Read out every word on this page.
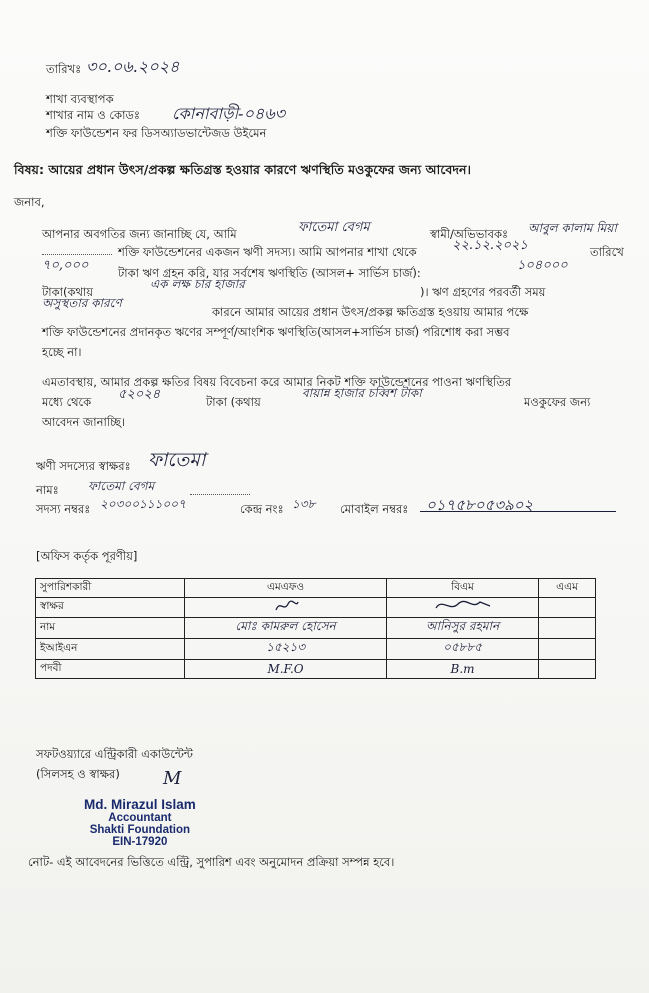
তারিখঃ ৩০.০৬.২০২৪
শাখা ব্যবস্থাপক
শাখার নাম ও কোডঃ কোনাবাড়ী-০৪৬৩
শক্তি ফাউন্ডেশন ফর ডিসঅ্যাডভান্টেজড উইমেন
বিষয়: আয়ের প্রধান উৎস/প্রকল্প ক্ষতিগ্রস্ত হওয়ার কারণে ঋণস্থিতি মওকুফের জন্য আবেদন।
জনাব,
আপনার অবগতির জন্য জানাচ্ছি যে, আমি	ফাতেমা বেগম	স্বামী/অভিভাবকঃ আবুল কালাম মিয়া
শক্তি ফাউন্ডেশনের একজন ঋণী সদস্য। আমি আপনার শাখা থেকে	২২.১২.২০২১	তারিখে
৭০,০০০	টাকা ঋণ গ্রহন করি, যার সর্বশেষ ঋণস্থিতি (আসল+ সার্ভিস চার্জ):	১০৪০০০
টাকা(কথায়
এক লক্ষ চার হাজার
)। ঋণ গ্রহণের পরবর্তী সময়
অসুস্থতার কারণে
কারনে আমার আয়ের প্রধান উৎস/প্রকল্প ক্ষতিগ্রস্ত হওয়ায় আমার পক্ষে
শক্তি ফাউন্ডেশনের প্রদানকৃত ঋণের সম্পূর্ণ/আংশিক ঋণস্থিতি(আসল+সার্ভিস চার্জ) পরিশোধ করা সম্ভব
হচ্ছে না।
এমতাবস্থায়, আমার প্রকল্প ক্ষতির বিষয় বিবেচনা করে আমার নিকট শক্তি ফাউন্ডেশনের পাওনা ঋণস্থিতির
মধ্যে থেকে ৫২০২৪	টাকা (কথায়
বায়ান্ন হাজার চব্বিশ টাকা
মওকুফের জন্য
আবেদন জানাচ্ছি।
ঋণী সদস্যের স্বাক্ষরঃ ফাতেমা
নামঃ ফাতেমা বেগম
সদস্য নম্বরঃ ২০৩০০১১১০০৭	কেন্দ্র নংঃ ১৩৮ মোবাইল নম্বরঃ ০১৭৫৮০৫৩৯০২
[অফিস কর্তৃক পূরণীয়]
সুপারিশকারী	এমএফও	বিএম	এএম
স্বাক্ষর			
নাম	মোঃ কামরুল হোসেন	আনিসুর রহমান	
ইআইএন	১৫২১৩	০৫৮৮৫	
পদবী	M.F.O	B.m	
সফটওয়্যারে এন্ট্রিকারী একাউন্টেন্ট
(সিলসহ ও স্বাক্ষর) M
Md. Mirazul Islam
Accountant
Shakti Foundation
EIN-17920
নোট- এই আবেদনের ভিত্তিতে এন্ট্রি, সুপারিশ এবং অনুমোদন প্রক্রিয়া সম্পন্ন হবে।
